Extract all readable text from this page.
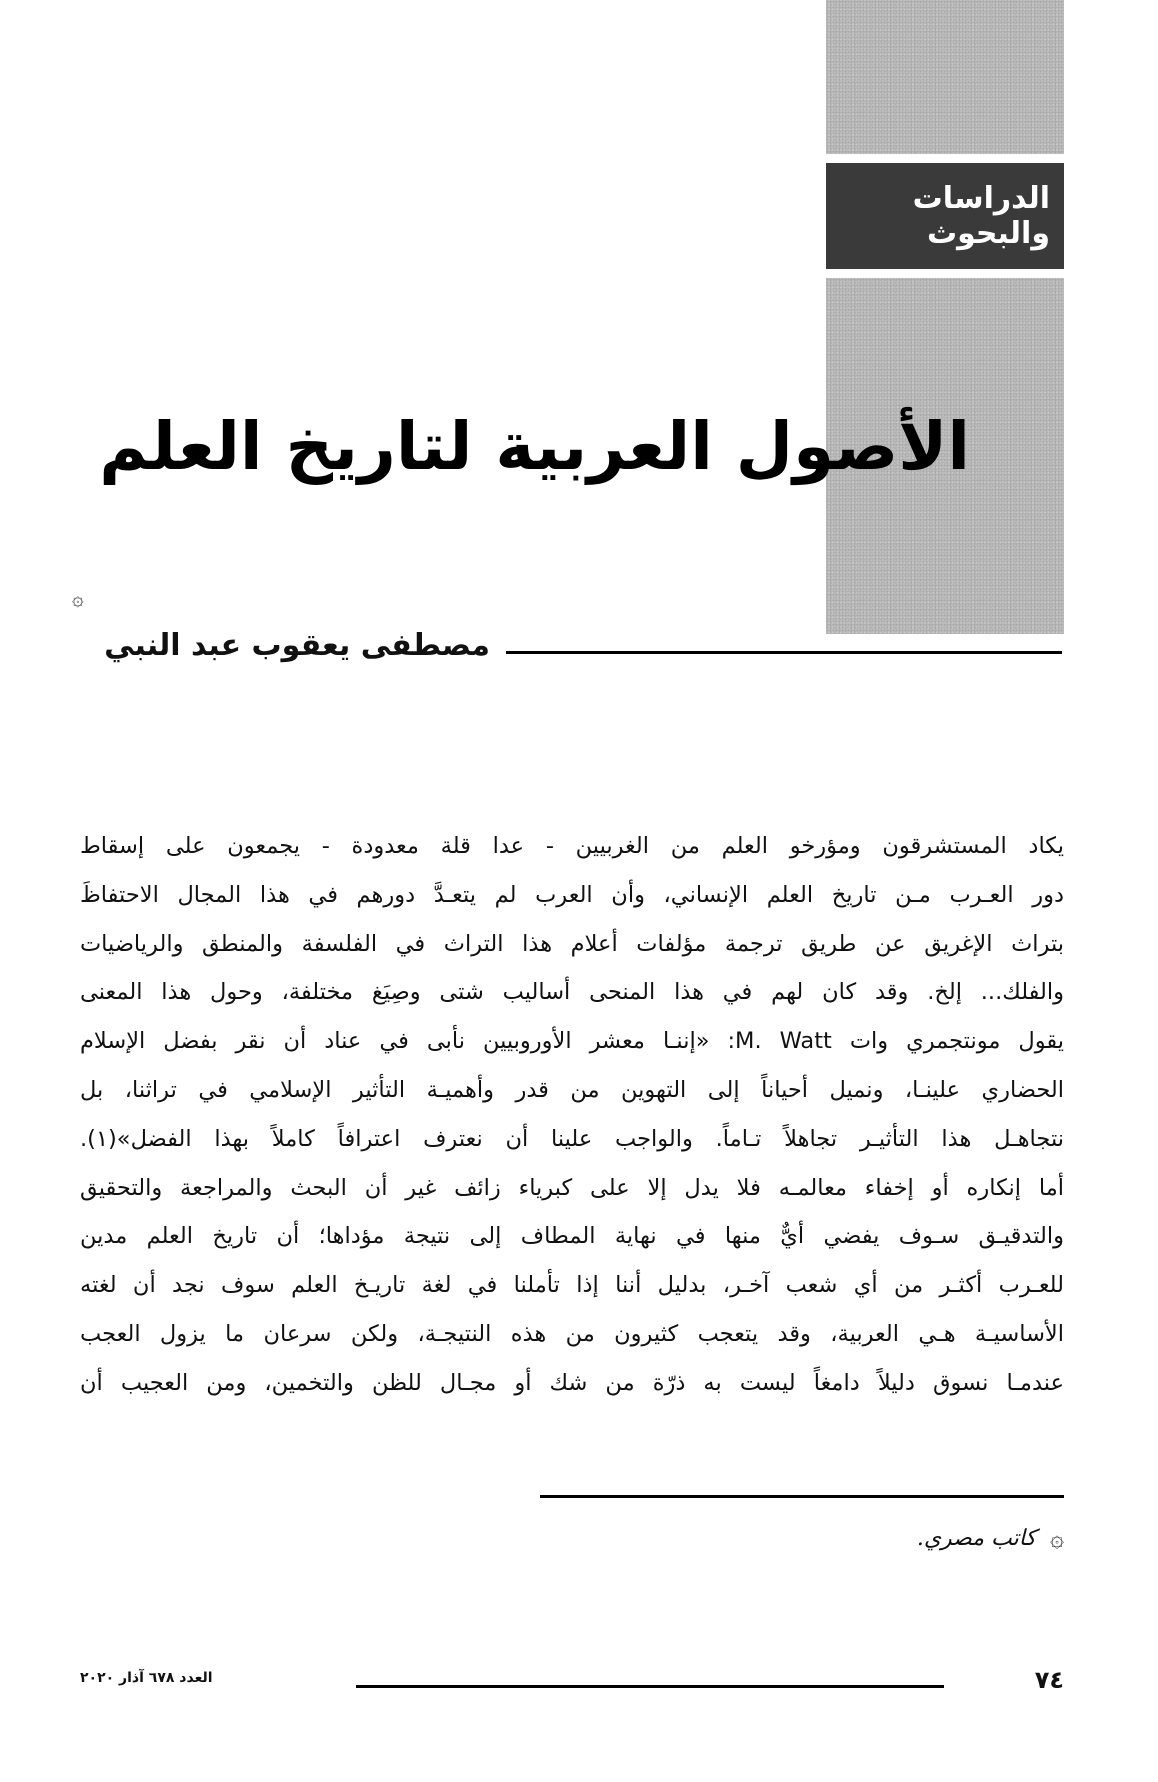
الدراسات والبحوث
الأصول العربية لتاريخ العلم
۞
مصطفى يعقوب عبد النبي
يكاد المستشرقون ومؤرخو العلم من الغربيين - عدا قلة معدودة - يجمعون على إسقاط
دور العـرب مـن تاريخ العلم الإنساني، وأن العرب لم يتعـدَّ دورهم في هذا المجال الاحتفاظَ
بتراث الإغريق عن طريق ترجمة مؤلفات أعلام هذا التراث في الفلسفة والمنطق والرياضيات
والفلك... إلخ. وقد كان لهم في هذا المنحى أساليب شتى وصِيَغ مختلفة، وحول هذا المعنى
يقول مونتجمري وات M. Watt: «إننـا معشر الأوروبيين نأبى في عناد أن نقر بفضل الإسلام
الحضاري علينـا، ونميل أحياناً إلى التهوين من قدر وأهميـة التأثير الإسلامي في تراثنا، بل
نتجاهـل هذا التأثيـر تجاهلاً تـاماً. والواجب علينا أن نعترف اعترافاً كاملاً بهذا الفضل»(١).
أما إنكاره أو إخفاء معالمـه فلا يدل إلا على كبرياء زائف غير أن البحث والمراجعة والتحقيق
والتدقيـق سـوف يفضي أيٌّ منها في نهاية المطاف إلى نتيجة مؤداها؛ أن تاريخ العلم مدين
للعـرب أكثـر من أي شعب آخـر، بدليل أننا إذا تأملنا في لغة تاريـخ العلم سوف نجد أن لغته
الأساسيـة هـي العربية، وقد يتعجب كثيرون من هذه النتيجـة، ولكن سرعان ما يزول العجب
عندمـا نسوق دليلاً دامغاً ليست به ذرّة من شك أو مجـال للظن والتخمين، ومن العجيب أن
۞
كاتب مصري.
العدد ٦٧٨ آذار ٢٠٢٠	٧٤
